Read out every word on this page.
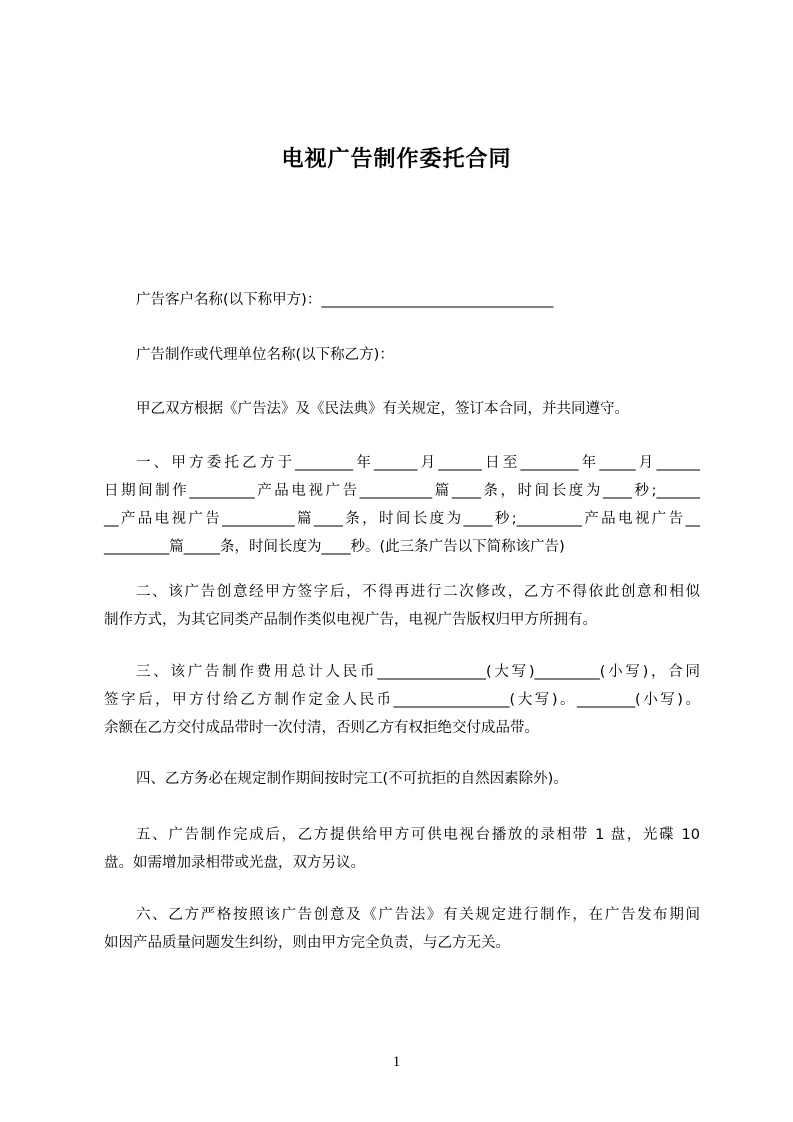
电视广告制作委托合同
广告客户名称(以下称甲方)：________________________________
广告制作或代理单位名称(以下称乙方)：
甲乙双方根据《广告法》及《民法典》有关规定，签订本合同，并共同遵守。
一、甲方委托乙方于________年______月______日至________年_____月______
日期间制作_________产品电视广告__________篇____条，时间长度为____秒;______
__产品电视广告__________篇____条，时间长度为____秒;_________产品电视广告__
_________篇_____条，时间长度为____秒。(此三条广告以下简称该广告)
二、该广告创意经甲方签字后，不得再进行二次修改，乙方不得依此创意和相似
制作方式，为其它同类产品制作类似电视广告，电视广告版权归甲方所拥有。
三、该广告制作费用总计人民币_______________(大写)_________(小写)，合同
签字后，甲方付给乙方制作定金人民币________________(大写)。________(小写)。
余额在乙方交付成品带时一次付清，否则乙方有权拒绝交付成品带。
四、乙方务必在规定制作期间按时完工(不可抗拒的自然因素除外)。
五、广告制作完成后，乙方提供给甲方可供电视台播放的录相带 1 盘，光碟 10
盘。如需增加录相带或光盘，双方另议。
六、乙方严格按照该广告创意及《广告法》有关规定进行制作，在广告发布期间
如因产品质量问题发生纠纷，则由甲方完全负责，与乙方无关。
1
